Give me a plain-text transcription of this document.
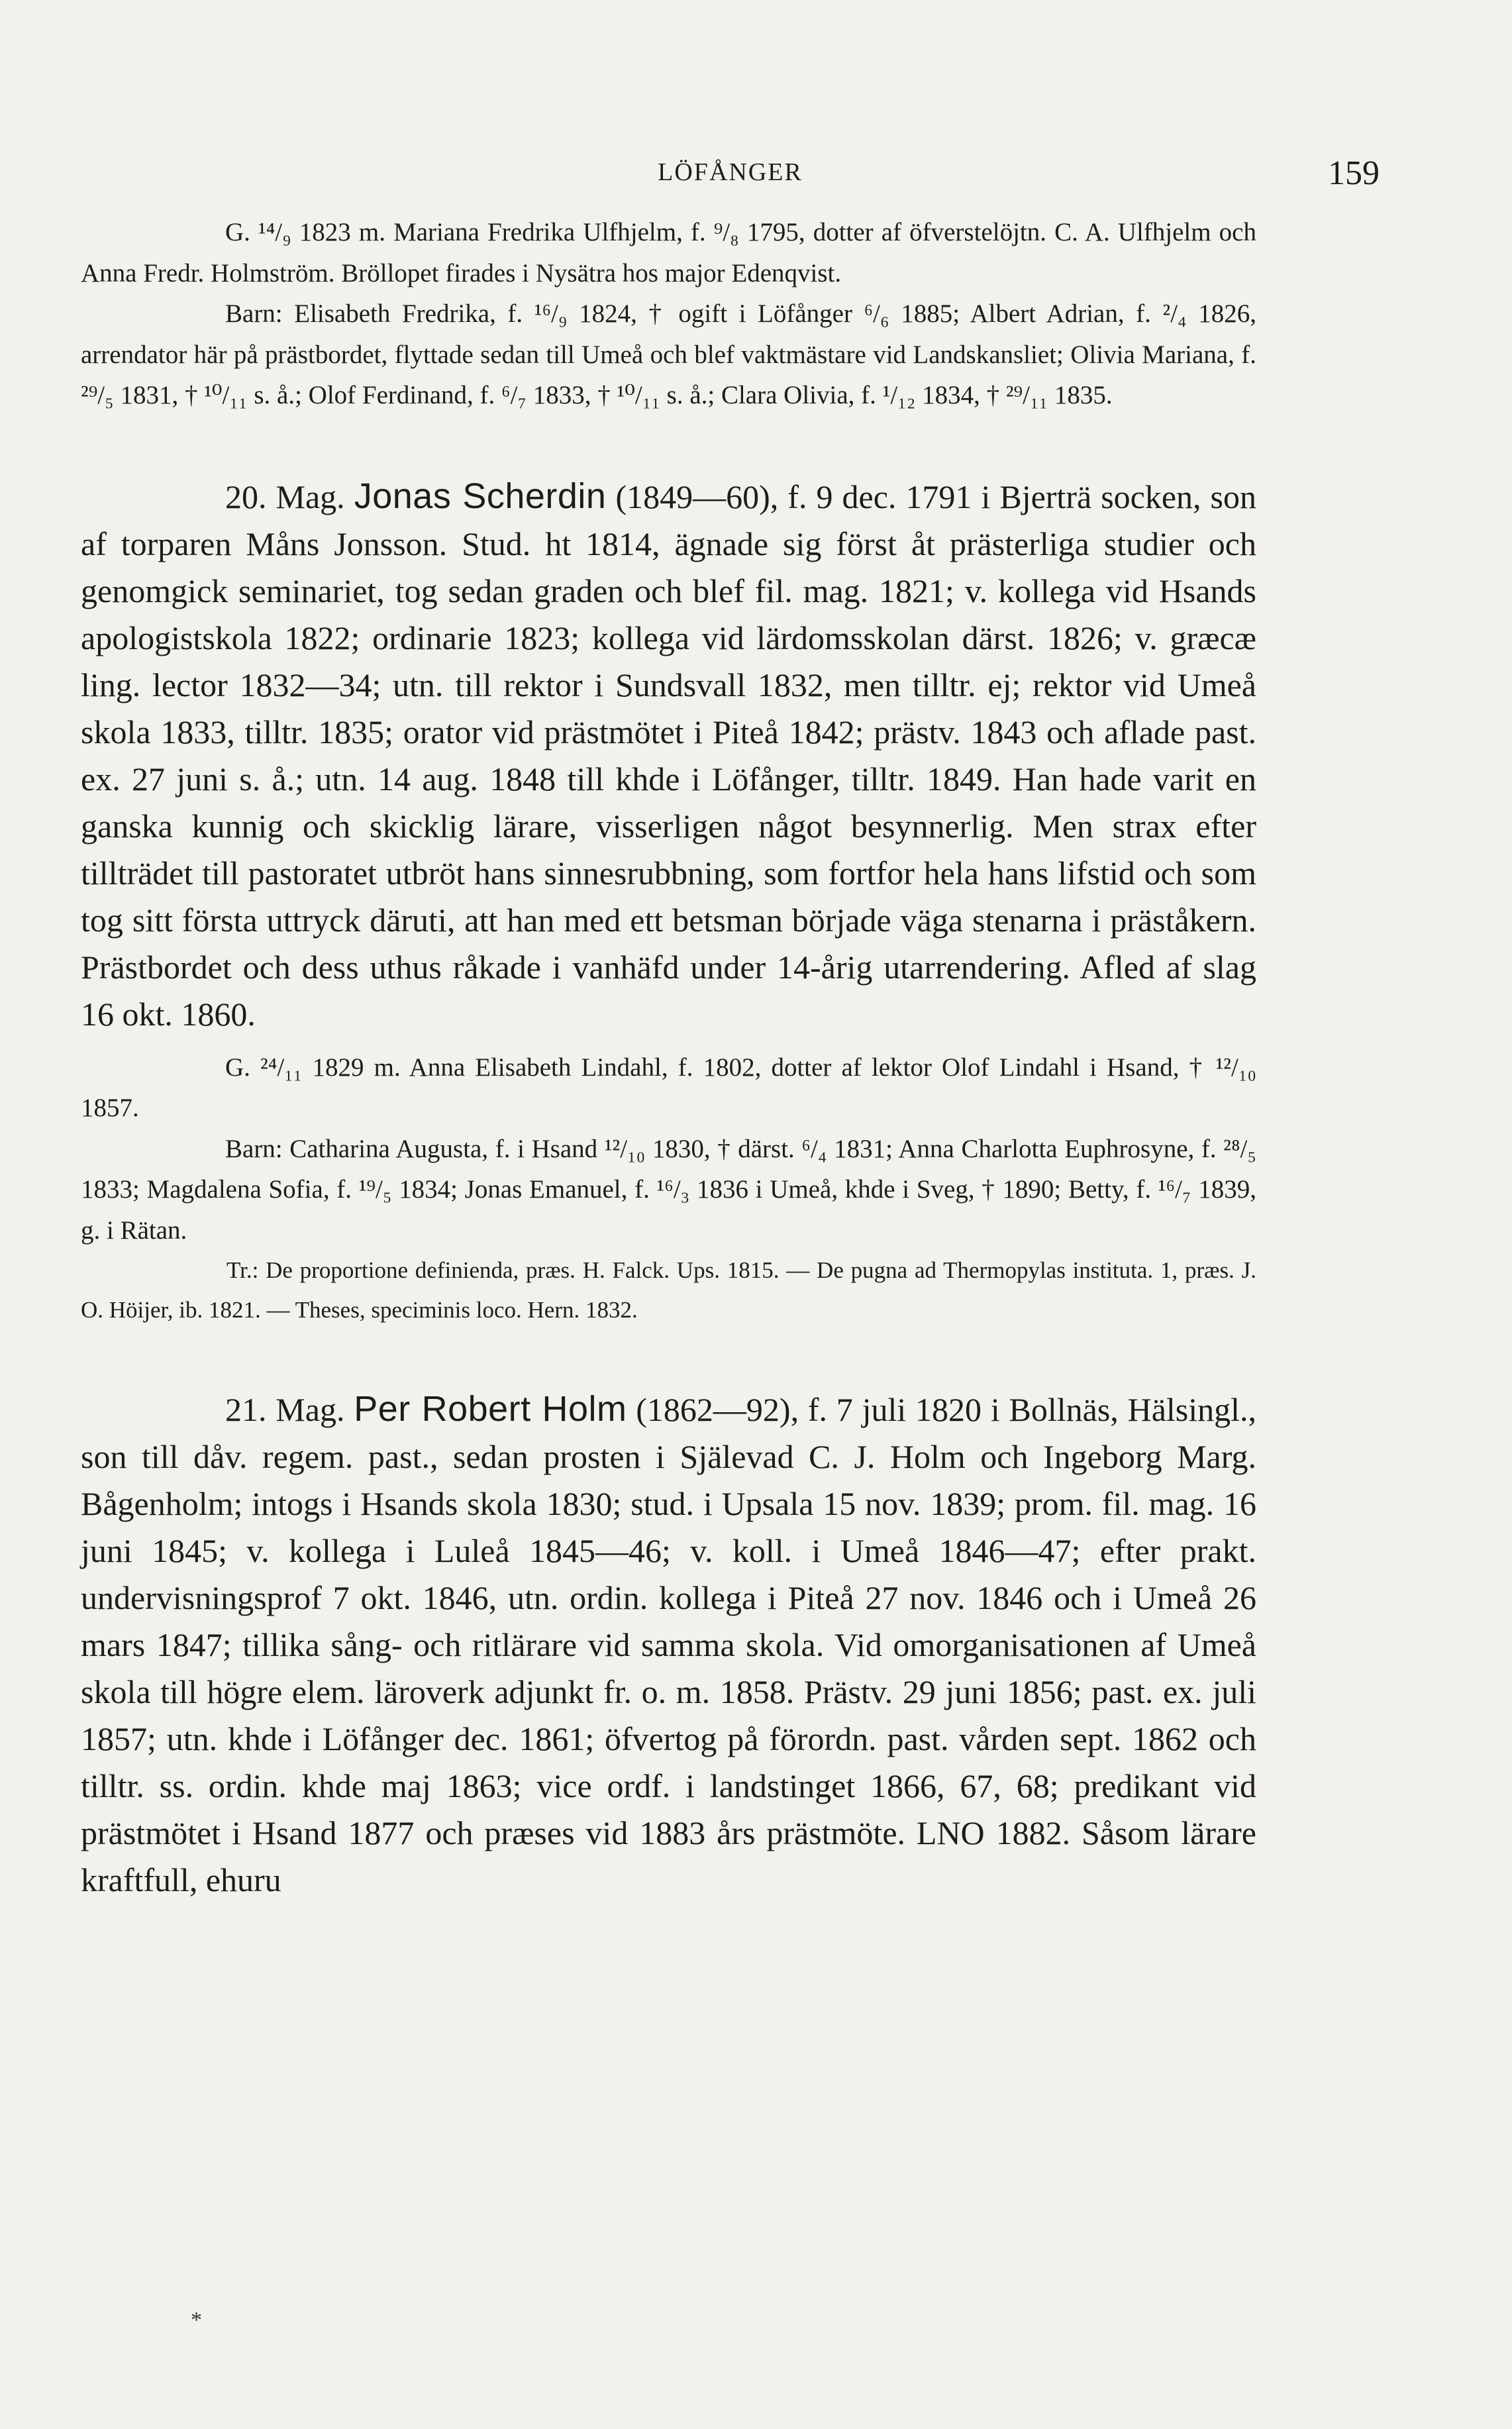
LÖFÅNGER	159

G. ¹⁴/₉ 1823 m. Mariana Fredrika Ulfhjelm, f. ⁹/₈ 1795, dotter af öfverstelöjtn. C. A. Ulfhjelm och Anna Fredr. Holmström. Bröllopet firades i Nysätra hos major Edenqvist.

Barn: Elisabeth Fredrika, f. ¹⁶/₉ 1824, † ogift i Löfånger ⁶/₆ 1885; Albert Adrian, f. ²/₄ 1826, arrendator här på prästbordet, flyttade sedan till Umeå och blef vaktmästare vid Landskansliet; Olivia Mariana, f. ²⁹/₅ 1831, † ¹⁰/₁₁ s. å.; Olof Ferdinand, f. ⁶/₇ 1833, † ¹⁰/₁₁ s. å.; Clara Olivia, f. ¹/₁₂ 1834, † ²⁹/₁₁ 1835.

20. Mag. Jonas Scherdin (1849—60), f. 9 dec. 1791 i Bjerträ socken, son af torparen Måns Jonsson. Stud. ht 1814, ägnade sig först åt prästerliga studier och genomgick seminariet, tog sedan graden och blef fil. mag. 1821; v. kollega vid Hsands apologistskola 1822; ordinarie 1823; kollega vid lärdomsskolan därst. 1826; v. græcæ ling. lector 1832—34; utn. till rektor i Sundsvall 1832, men tilltr. ej; rektor vid Umeå skola 1833, tilltr. 1835; orator vid prästmötet i Piteå 1842; prästv. 1843 och aflade past. ex. 27 juni s. å.; utn. 14 aug. 1848 till khde i Löfånger, tilltr. 1849. Han hade varit en ganska kunnig och skicklig lärare, visserligen något besynnerlig. Men strax efter tillträdet till pastoratet utbröt hans sinnesrubbning, som fortfor hela hans lifstid och som tog sitt första uttryck däruti, att han med ett betsman började väga stenarna i präståkern. Prästbordet och dess uthus råkade i vanhäfd under 14-årig utarrendering. Afled af slag 16 okt. 1860.

G. ²⁴/₁₁ 1829 m. Anna Elisabeth Lindahl, f. 1802, dotter af lektor Olof Lindahl i Hsand, † ¹²/₁₀ 1857.

Barn: Catharina Augusta, f. i Hsand ¹²/₁₀ 1830, † därst. ⁶/₄ 1831; Anna Charlotta Euphrosyne, f. ²⁸/₅ 1833; Magdalena Sofia, f. ¹⁹/₅ 1834; Jonas Emanuel, f. ¹⁶/₃ 1836 i Umeå, khde i Sveg, † 1890; Betty, f. ¹⁶/₇ 1839, g. i Rätan.

Tr.: De proportione definienda, præs. H. Falck. Ups. 1815. — De pugna ad Thermopylas instituta. 1, præs. J. O. Höijer, ib. 1821. — Theses, speciminis loco. Hern. 1832.

21. Mag. Per Robert Holm (1862—92), f. 7 juli 1820 i Bollnäs, Hälsingl., son till dåv. regem. past., sedan prosten i Själevad C. J. Holm och Ingeborg Marg. Bågenholm; intogs i Hsands skola 1830; stud. i Upsala 15 nov. 1839; prom. fil. mag. 16 juni 1845; v. kollega i Luleå 1845—46; v. koll. i Umeå 1846—47; efter prakt. undervisningsprof 7 okt. 1846, utn. ordin. kollega i Piteå 27 nov. 1846 och i Umeå 26 mars 1847; tillika sång- och ritlärare vid samma skola. Vid omorganisationen af Umeå skola till högre elem. läroverk adjunkt fr. o. m. 1858. Prästv. 29 juni 1856; past. ex. juli 1857; utn. khde i Löfånger dec. 1861; öfvertog på förordn. past. vården sept. 1862 och tilltr. ss. ordin. khde maj 1863; vice ordf. i landstinget 1866, 67, 68; predikant vid prästmötet i Hsand 1877 och præses vid 1883 års prästmöte. LNO 1882. Såsom lärare kraftfull, ehuru

*
